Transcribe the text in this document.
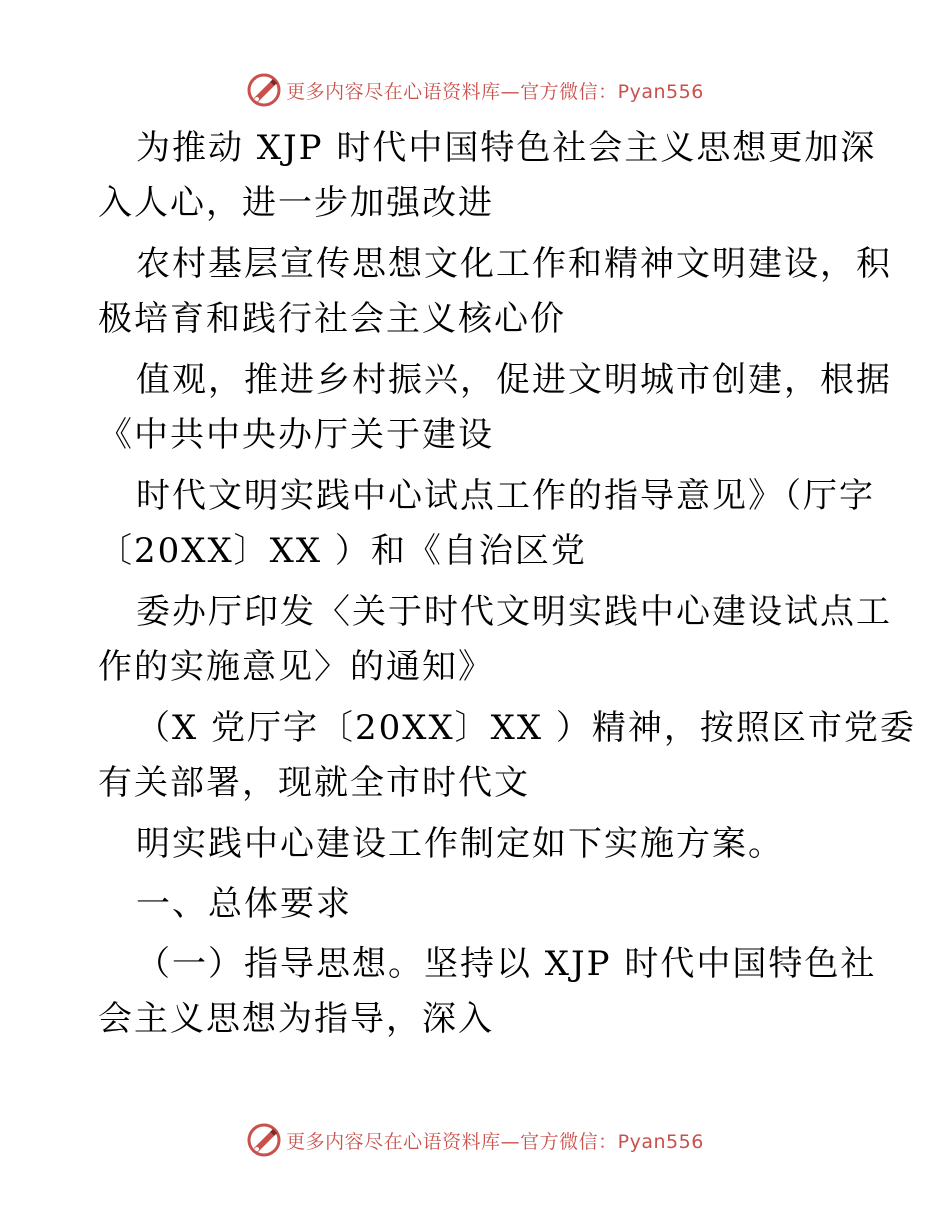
更多内容尽在心语资料库—官方微信：Pyan556
为推动 XJP 时代中国特色社会主义思想更加深
入人心，进一步加强改进
农村基层宣传思想文化工作和精神文明建设，积
极培育和践行社会主义核心价
值观，推进乡村振兴，促进文明城市创建，根据
《中共中央办厅关于建设
时代文明实践中心试点工作的指导意见》（厅字
〔20XX〕XX ）和《自治区党
委办厅印发〈关于时代文明实践中心建设试点工
作的实施意见〉的通知》
（X 党厅字〔20XX〕XX ）精神，按照区市党委
有关部署，现就全市时代文
明实践中心建设工作制定如下实施方案。
一、总体要求
（一）指导思想。坚持以 XJP 时代中国特色社
会主义思想为指导，深入
更多内容尽在心语资料库—官方微信：Pyan556
